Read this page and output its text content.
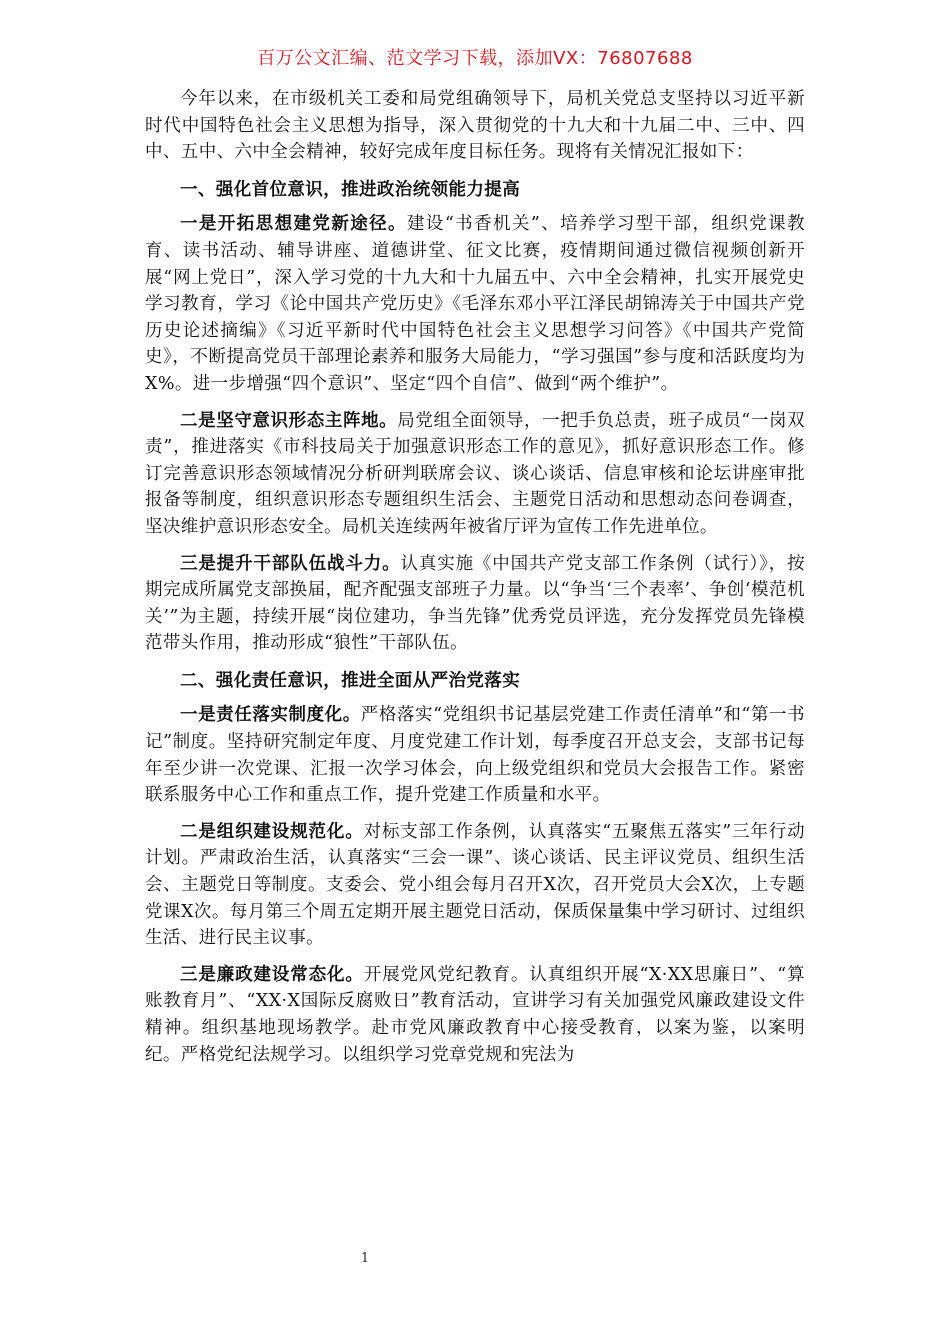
百万公文汇编、范文学习下载，添加VX：76807688

今年以来，在市级机关工委和局党组确领导下，局机关党总支坚持以习近平新时代中国特色社会主义思想为指导，深入贯彻党的十九大和十九届二中、三中、四中、五中、六中全会精神，较好完成年度目标任务。现将有关情况汇报如下：

一、强化首位意识，推进政治统领能力提高

一是开拓思想建党新途径。建设“书香机关”、培养学习型干部，组织党课教育、读书活动、辅导讲座、道德讲堂、征文比赛，疫情期间通过微信视频创新开展“网上党日”，深入学习党的十九大和十九届五中、六中全会精神，扎实开展党史学习教育，学习《论中国共产党历史》《毛泽东邓小平江泽民胡锦涛关于中国共产党历史论述摘编》《习近平新时代中国特色社会主义思想学习问答》《中国共产党简史》，不断提高党员干部理论素养和服务大局能力，“学习强国”参与度和活跃度均为X%。进一步增强“四个意识”、坚定“四个自信”、做到“两个维护”。

二是坚守意识形态主阵地。局党组全面领导，一把手负总责，班子成员“一岗双责”，推进落实《市科技局关于加强意识形态工作的意见》，抓好意识形态工作。修订完善意识形态领域情况分析研判联席会议、谈心谈话、信息审核和论坛讲座审批报备等制度，组织意识形态专题组织生活会、主题党日活动和思想动态问卷调查，坚决维护意识形态安全。局机关连续两年被省厅评为宣传工作先进单位。

三是提升干部队伍战斗力。认真实施《中国共产党支部工作条例（试行）》，按期完成所属党支部换届，配齐配强支部班子力量。以“争当‘三个表率’、争创‘模范机关’”为主题，持续开展“岗位建功，争当先锋”优秀党员评选，充分发挥党员先锋模范带头作用，推动形成“狼性”干部队伍。

二、强化责任意识，推进全面从严治党落实

一是责任落实制度化。严格落实“党组织书记基层党建工作责任清单”和“第一书记”制度。坚持研究制定年度、月度党建工作计划，每季度召开总支会，支部书记每年至少讲一次党课、汇报一次学习体会，向上级党组织和党员大会报告工作。紧密联系服务中心工作和重点工作，提升党建工作质量和水平。

二是组织建设规范化。对标支部工作条例，认真落实“五聚焦五落实”三年行动计划。严肃政治生活，认真落实“三会一课”、谈心谈话、民主评议党员、组织生活会、主题党日等制度。支委会、党小组会每月召开X次，召开党员大会X次，上专题党课X次。每月第三个周五定期开展主题党日活动，保质保量集中学习研讨、过组织生活、进行民主议事。

三是廉政建设常态化。开展党风党纪教育。认真组织开展“X·XX思廉日”、“算账教育月”、“XX·X国际反腐败日”教育活动，宣讲学习有关加强党风廉政建设文件精神。组织基地现场教学。赴市党风廉政教育中心接受教育，以案为鉴，以案明纪。严格党纪法规学习。以组织学习党章党规和宪法为

1
